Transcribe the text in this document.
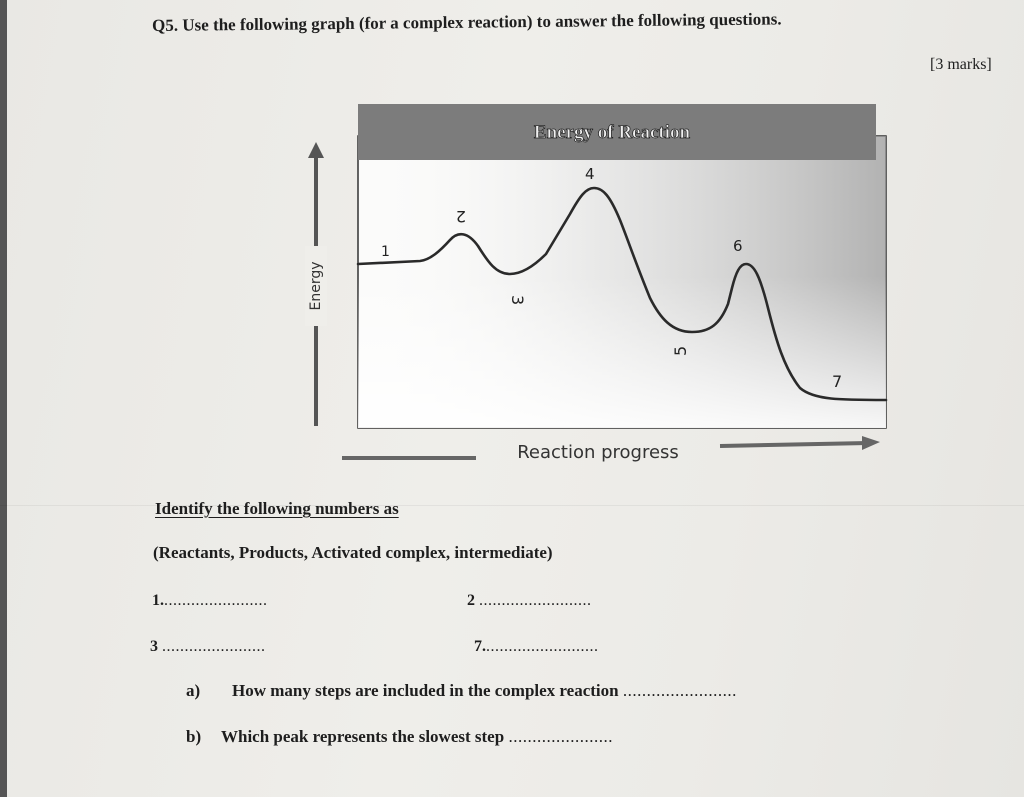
Q5. Use the following graph (for a complex reaction) to answer the following questions.
[3 marks]
Energy of Reaction
1
2
3
4
5
6
7
Energy
Reaction progress
Identify the following numbers as
(Reactants, Products, Activated complex, intermediate)
1........................	2 .........................
3 .......................	7..........................
a) How many steps are included in the complex reaction ........................
b) Which peak represents the slowest step ......................
